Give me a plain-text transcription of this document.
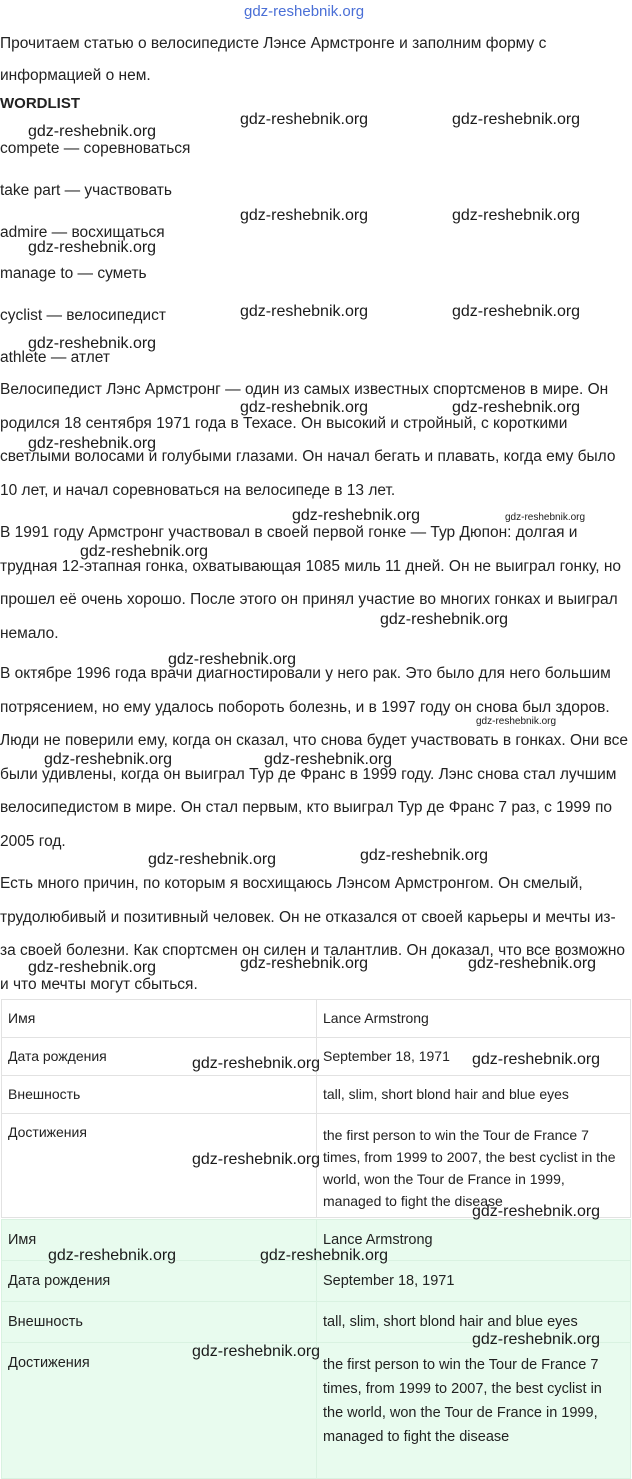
Прочитаем статью о велосипедисте Лэнсе Армстронге и заполним форму с информацией о нем.
WORDLIST
compete — соревноваться
take part — участвовать
admire — восхищаться
manage to — суметь
cyclist — велосипедист
athlete — атлет
Велосипедист Лэнс Армстронг — один из самых известных спортсменов в мире. Он родился 18 сентября 1971 года в Техасе. Он высокий и стройный, с короткими светлыми волосами и голубыми глазами. Он начал бегать и плавать, когда ему было 10 лет, и начал соревноваться на велосипеде в 13 лет.
В 1991 году Армстронг участвовал в своей первой гонке — Тур Дюпон: долгая и трудная 12-этапная гонка, охватывающая 1085 миль 11 дней. Он не выиграл гонку, но прошел её очень хорошо. После этого он принял участие во многих гонках и выиграл немало.
В октябре 1996 года врачи диагностировали у него рак. Это было для него большим потрясением, но ему удалось побороть болезнь, и в 1997 году он снова был здоров. Люди не поверили ему, когда он сказал, что снова будет участвовать в гонках. Они все были удивлены, когда он выиграл Тур де Франс в 1999 году. Лэнс снова стал лучшим велосипедистом в мире. Он стал первым, кто выиграл Тур де Франс 7 раз, с 1999 по 2005 год.
Есть много причин, по которым я восхищаюсь Лэнсом Армстронгом. Он смелый, трудолюбивый и позитивный человек. Он не отказался от своей карьеры и мечты из-за своей болезни. Как спортсмен он силен и талантлив. Он доказал, что все возможно и что мечты могут сбыться.
Имя	Lance Armstrong
Дата рождения	September 18, 1971
Внешность	tall, slim, short blond hair and blue eyes
Достижения	the first person to win the Tour de France 7 times, from 1999 to 2007, the best cyclist in the world, won the Tour de France in 1999, managed to fight the disease
Имя	Lance Armstrong
Дата рождения	September 18, 1971
Внешность	tall, slim, short blond hair and blue eyes
Достижения	the first person to win the Tour de France 7 times, from 1999 to 2007, the best cyclist in the world, won the Tour de France in 1999, managed to fight the disease
gdz-reshebnik.org
gdz-reshebnik.org
gdz-reshebnik.org	gdz-reshebnik.org
gdz-reshebnik.org	gdz-reshebnik.org
gdz-reshebnik.org
gdz-reshebnik.org	gdz-reshebnik.org
gdz-reshebnik.org
gdz-reshebnik.org	gdz-reshebnik.org
gdz-reshebnik.org
gdz-reshebnik.org	gdz-reshebnik.org
gdz-reshebnik.org
gdz-reshebnik.org
gdz-reshebnik.org
gdz-reshebnik.org
gdz-reshebnik.org	gdz-reshebnik.org
gdz-reshebnik.org	gdz-reshebnik.org
gdz-reshebnik.org	gdz-reshebnik.org	gdz-reshebnik.org
gdz-reshebnik.org	gdz-reshebnik.org
gdz-reshebnik.org
gdz-reshebnik.org
gdz-reshebnik.org	gdz-reshebnik.org
gdz-reshebnik.org
gdz-reshebnik.org
